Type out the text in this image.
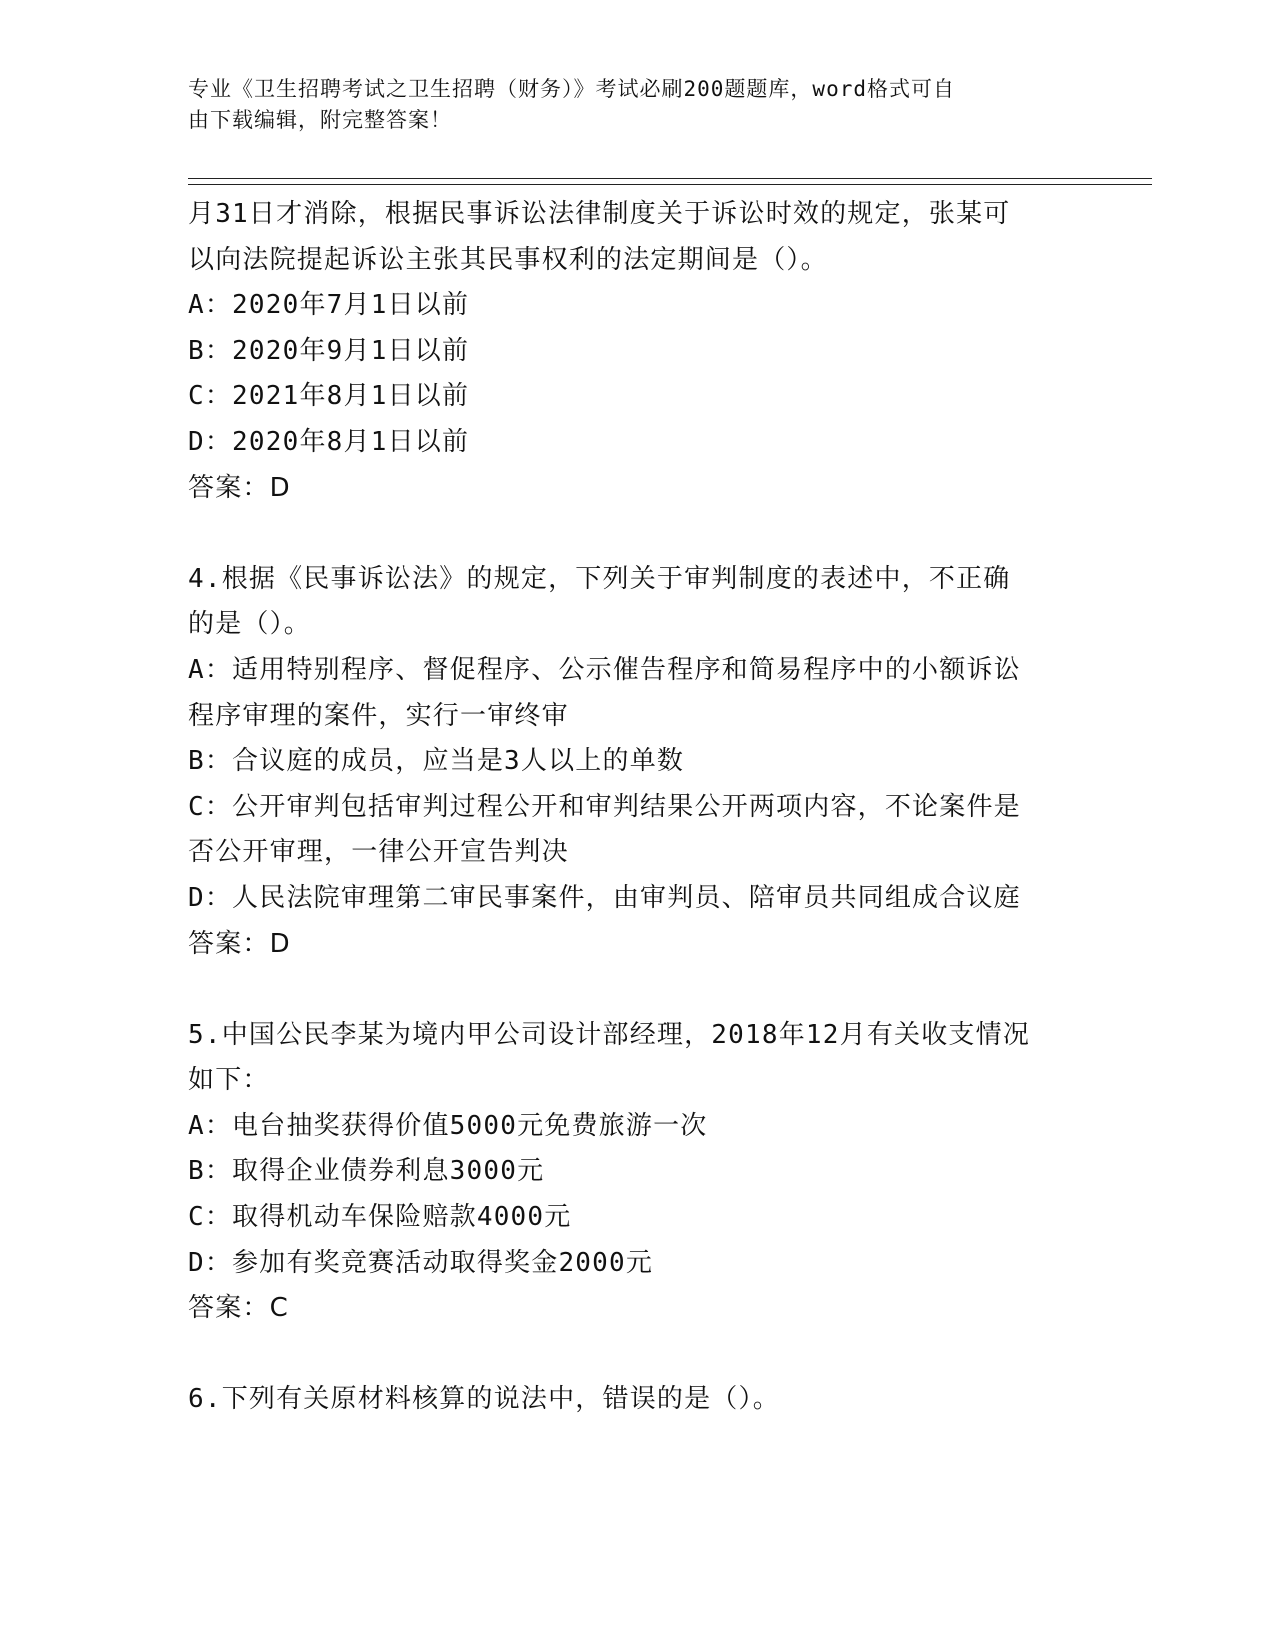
专业《卫生招聘考试之卫生招聘（财务）》考试必刷200题题库，word格式可自
由下载编辑，附完整答案！
月31日才消除，根据民事诉讼法律制度关于诉讼时效的规定，张某可
以向法院提起诉讼主张其民事权利的法定期间是（）。
A：2020年7月1日以前
B：2020年9月1日以前
C：2021年8月1日以前
D：2020年8月1日以前
答案：D
4.根据《民事诉讼法》的规定，下列关于审判制度的表述中，不正确
的是（）。
A：适用特别程序、督促程序、公示催告程序和简易程序中的小额诉讼
程序审理的案件，实行一审终审
B：合议庭的成员，应当是3人以上的单数
C：公开审判包括审判过程公开和审判结果公开两项内容，不论案件是
否公开审理，一律公开宣告判决
D：人民法院审理第二审民事案件，由审判员、陪审员共同组成合议庭
答案：D
5.中国公民李某为境内甲公司设计部经理，2018年12月有关收支情况
如下：
A：电台抽奖获得价值5000元免费旅游一次
B：取得企业债券利息3000元
C：取得机动车保险赔款4000元
D：参加有奖竞赛活动取得奖金2000元
答案：C
6.下列有关原材料核算的说法中，错误的是（）。
